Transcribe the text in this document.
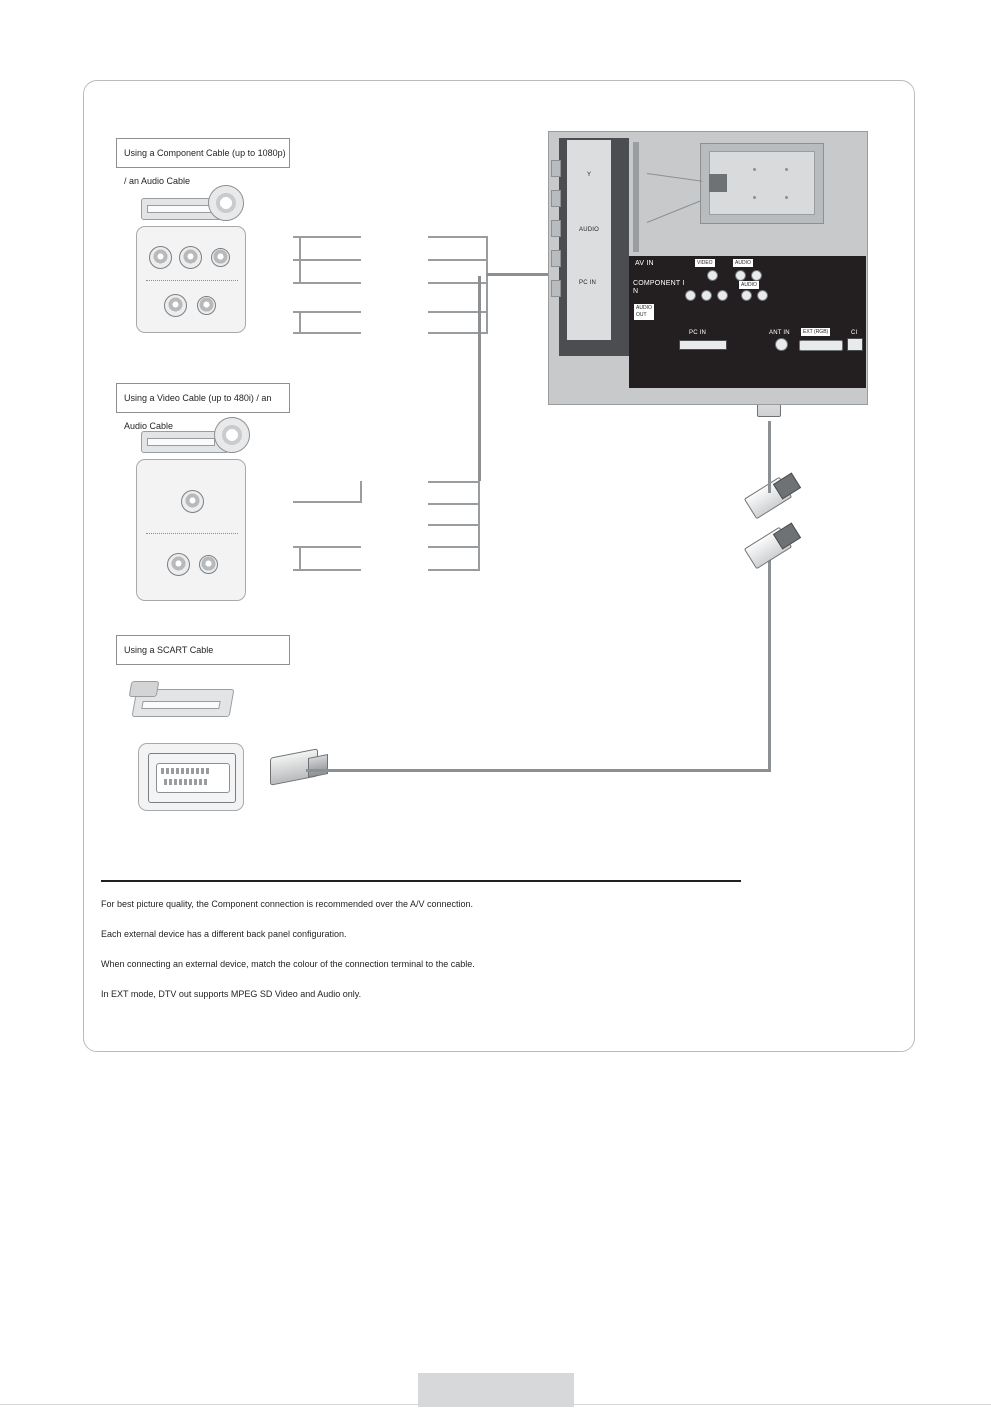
Using a Component Cable (up to 1080p) / an Audio Cable
Using a Video Cable (up to 480i) / an Audio Cable
Using a SCART Cable
Y
AUDIO
PC IN
AV IN	VIDEO	AUDIO
COMPONENT I
N
AUDIO
AUDIO
OUT
PC IN	ANT IN	EXT (RGB)	CI
For best picture quality, the Component connection is recommended over the A/V connection.
Each external device has a different back panel configuration.
When connecting an external device, match the colour of the connection terminal to the cable.
In EXT mode, DTV out supports MPEG SD Video and Audio only.
